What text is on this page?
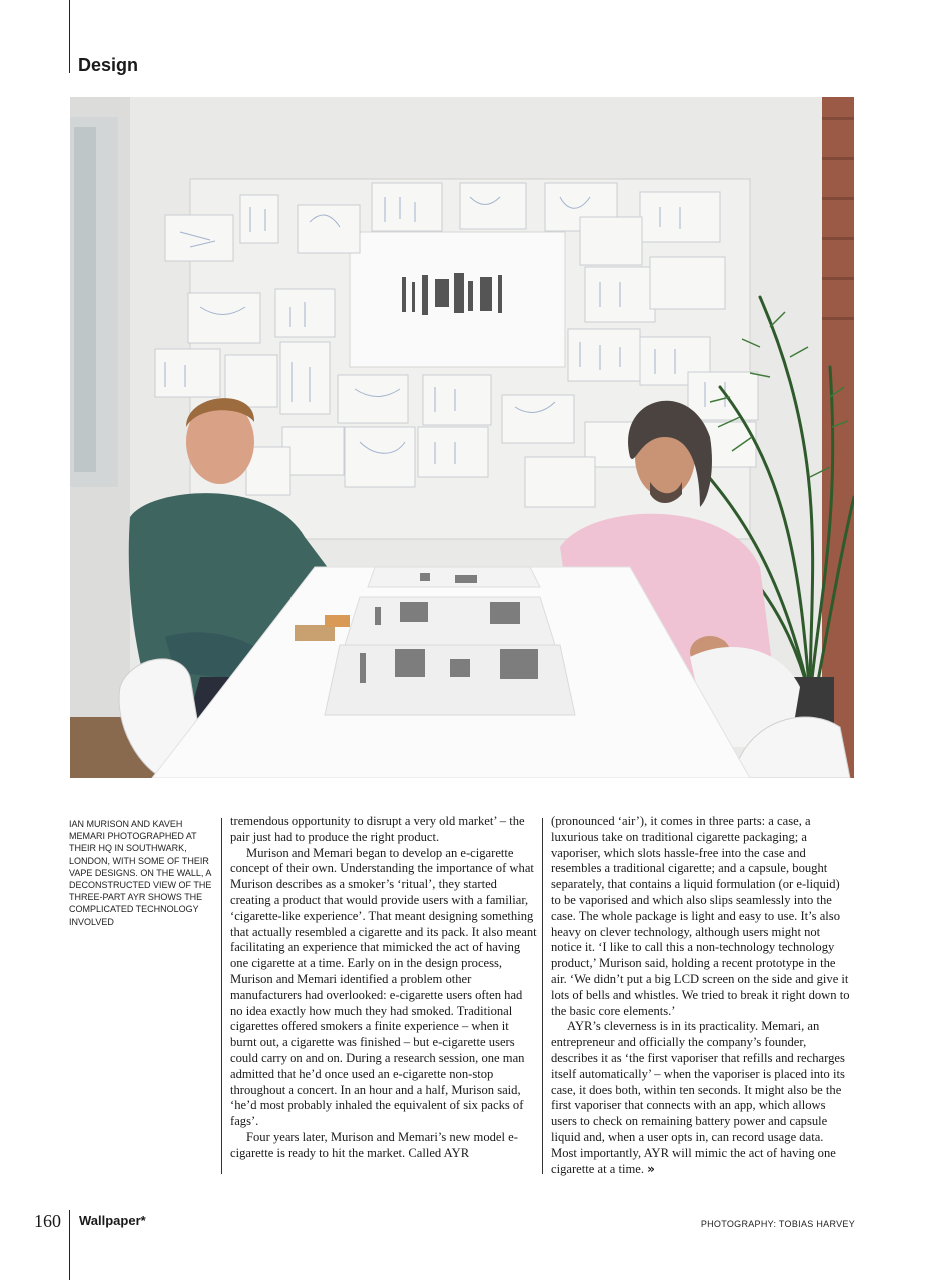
Design
IAN MURISON AND KAVEH MEMARI PHOTOGRAPHED AT THEIR HQ IN SOUTHWARK, LONDON, WITH SOME OF THEIR VAPE DESIGNS. ON THE WALL, A DECONSTRUCTED VIEW OF THE THREE-PART AYR SHOWS THE COMPLICATED TECHNOLOGY INVOLVED

tremendous opportunity to disrupt a very old market’ – the pair just had to produce the right product.

Murison and Memari began to develop an e-cigarette concept of their own. Understanding the importance of what Murison describes as a smoker’s ‘ritual’, they started creating a product that would provide users with a familiar, ‘cigarette-like experience’. That meant designing something that actually resembled a cigarette and its pack. It also meant facilitating an experience that mimicked the act of having one cigarette at a time. Early on in the design process, Murison and Memari identified a problem other manufacturers had overlooked: e-cigarette users often had no idea exactly how much they had smoked. Traditional cigarettes offered smokers a finite experience – when it burnt out, a cigarette was finished – but e-cigarette users could carry on and on. During a research session, one man admitted that he’d once used an e-cigarette non-stop throughout a concert. In an hour and a half, Murison said, ‘he’d most probably inhaled the equivalent of six packs of fags’.

Four years later, Murison and Memari’s new model e-cigarette is ready to hit the market. Called AYR

(pronounced ‘air’), it comes in three parts: a case, a luxurious take on traditional cigarette packaging; a vaporiser, which slots hassle-free into the case and resembles a traditional cigarette; and a capsule, bought separately, that contains a liquid formulation (or e-liquid) to be vaporised and which also slips seamlessly into the case. The whole package is light and easy to use. It’s also heavy on clever technology, although users might not notice it. ‘I like to call this a non-technology technology product,’ Murison said, holding a recent prototype in the air. ‘We didn’t put a big LCD screen on the side and give it lots of bells and whistles. We tried to break it right down to the basic core elements.’

AYR’s cleverness is in its practicality. Memari, an entrepreneur and officially the company’s founder, describes it as ‘the first vaporiser that refills and recharges itself automatically’ – when the vaporiser is placed into its case, it does both, within ten seconds. It might also be the first vaporiser that connects with an app, which allows users to check on remaining battery power and capsule liquid and, when a user opts in, can record usage data. Most importantly, AYR will mimic the act of having one cigarette at a time. »

160 Wallpaper*	PHOTOGRAPHY: TOBIAS HARVEY
